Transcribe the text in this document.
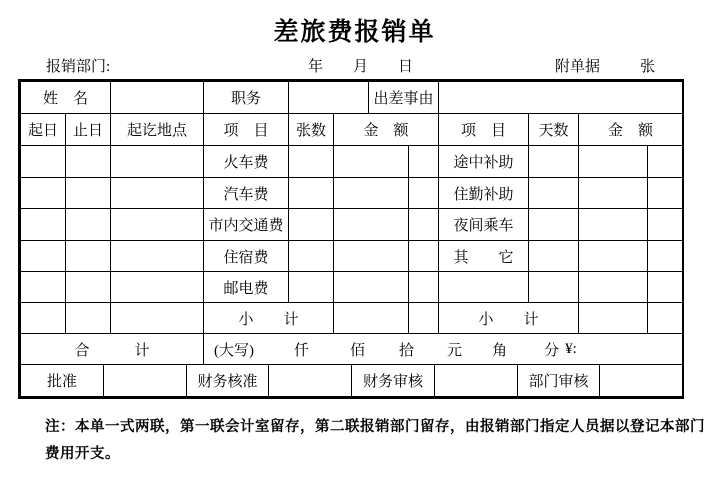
差旅费报销单
报销部门:	年　　月　　日	附单据	张
姓　名	职务	出差事由
起日 止日	起讫地点	项　目	张数	金　额	项　目	天数	金　额
火车费	途中补助
汽车费	住勤补助
市内交通费	夜间乘车
住宿费	其　　它
邮电费
小　　计	小　　计
合　　　计	(大写)	仟	佰 拾 元 角 分 ¥:
批准	财务核准	财务审核	部门审核
注：本单一式两联，第一联会计室留存，第二联报销部门留存，由报销部门指定人员据以登记本部门
费用开支。
